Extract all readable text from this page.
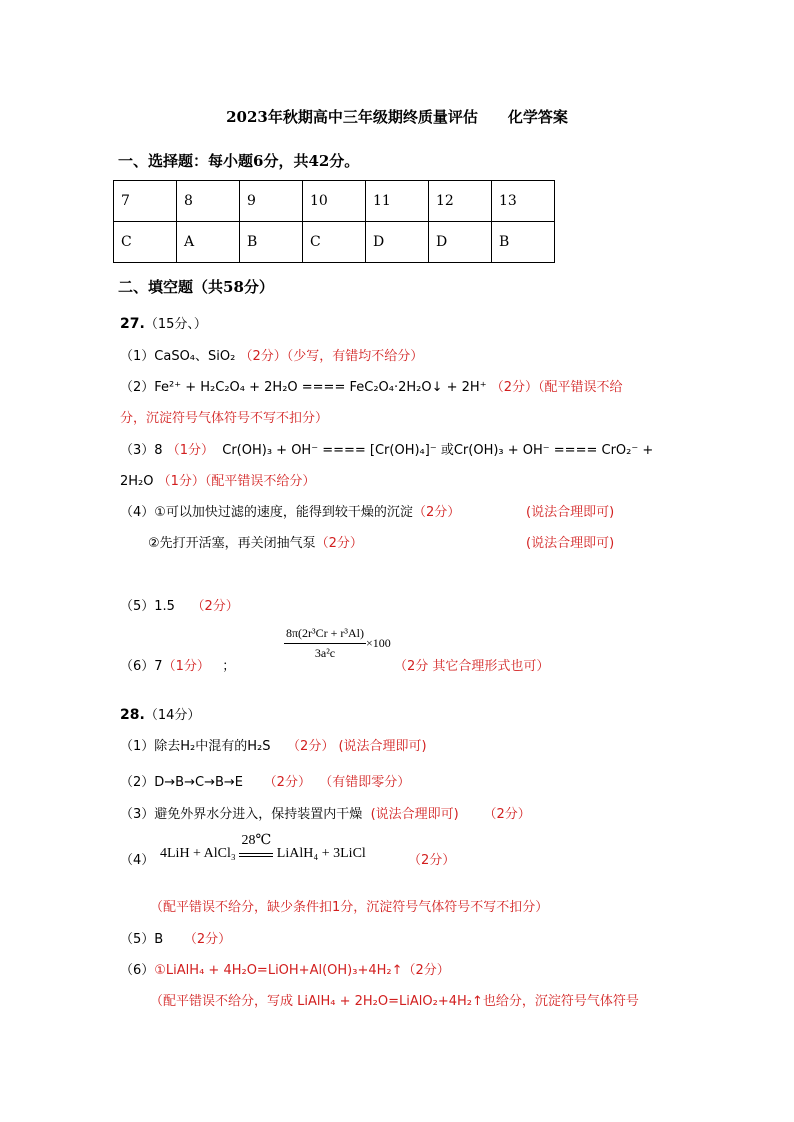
2023年秋期高中三年级期终质量评估 化学答案
一、选择题：每小题6分，共42分。
7	8	9	10	11	12	13
C	A	B	C	D	D	B
二、填空题（共58分）
27.（15分、）
（1）CaSO₄、SiO₂ （2分）（少写，有错均不给分）
（2）Fe²⁺ + H₂C₂O₄ + 2H₂O ==== FeC₂O₄·2H₂O↓ + 2H⁺ （2分）（配平错误不给
分，沉淀符号气体符号不写不扣分）
（3）8 （1分） Cr(OH)₃ + OH⁻ ==== [Cr(OH)₄]⁻ 或Cr(OH)₃ + OH⁻ ==== CrO₂⁻ +
2H₂O （1分）（配平错误不给分）
（4）①可以加快过滤的速度，能得到较干燥的沉淀（2分）	(说法合理即可)
②先打开活塞，再关闭抽气泵（2分）	(说法合理即可)
（5）1.5 （2分）
（6）7（1分） ；
$\frac{\text{8π(2r³Cr + r³Al)}}{\text{3a²c}} \times 100$
（2分 其它合理形式也可）
28.（14分）
（1）除去H₂中混有的H₂S （2分） (说法合理即可)
（2）D→B→C→B→E （2分） （有错即零分）
（3）避免外界水分进入，保持装置内干燥 (说法合理即可) （2分）
（4） 4LiH + AlCl₃
28℃
LiAlH₄ + 3LiCl	（2分）
（配平错误不给分，缺少条件扣1分，沉淀符号气体符号不写不扣分）
（5）B （2分）
（6）①LiAlH₄ + 4H₂O=LiOH+Al(OH)₃+4H₂↑（2分）
（配平错误不给分，写成 LiAlH₄ + 2H₂O=LiAlO₂+4H₂↑也给分，沉淀符号气体符号
